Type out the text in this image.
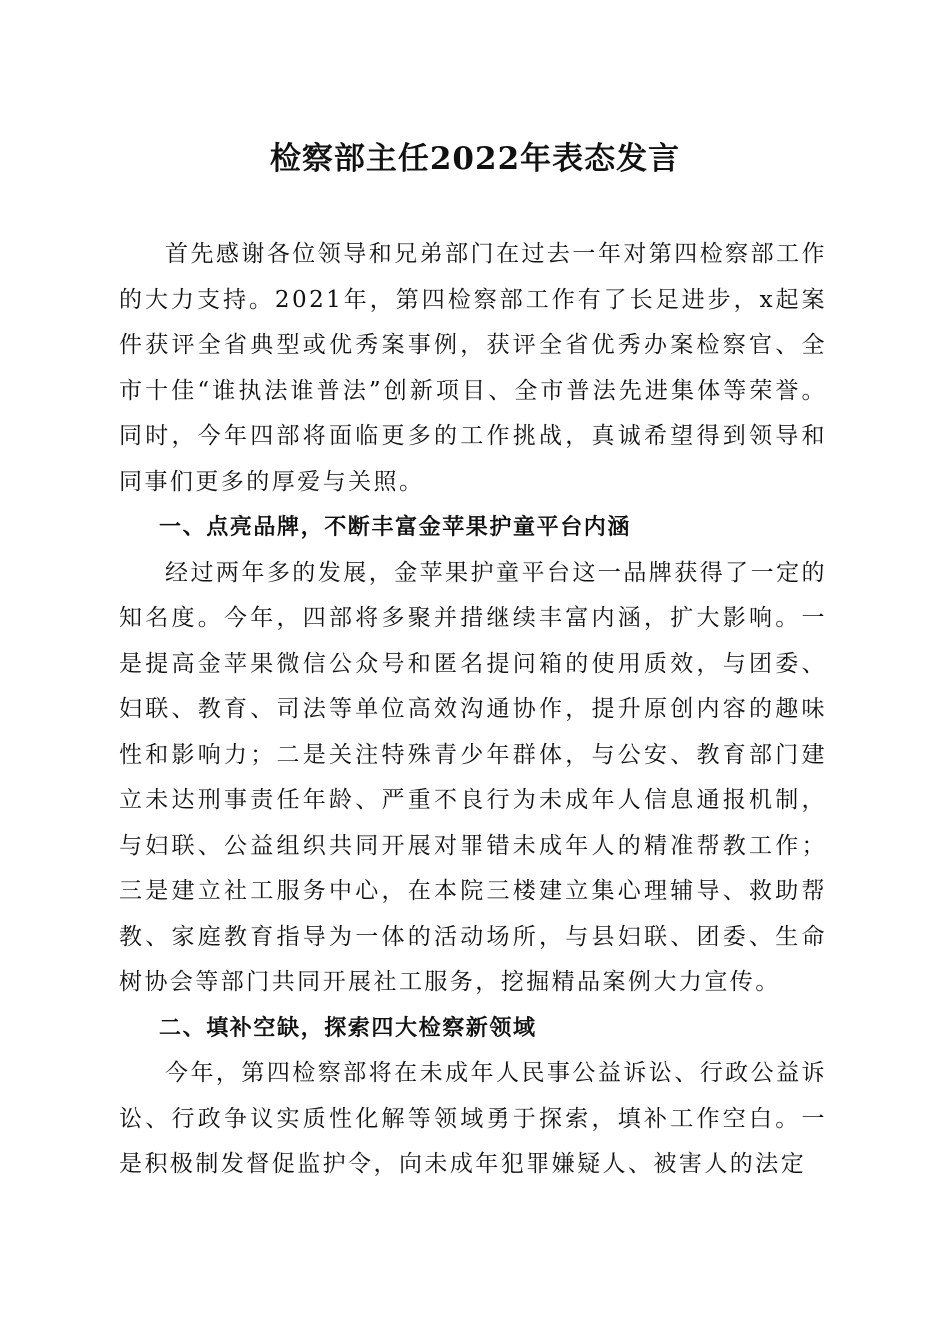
检察部主任2022年表态发言

首先感谢各位领导和兄弟部门在过去一年对第四检察部工作的大力支持。2021年，第四检察部工作有了长足进步，x起案件获评全省典型或优秀案事例，获评全省优秀办案检察官、全市十佳“谁执法谁普法”创新项目、全市普法先进集体等荣誉。同时，今年四部将面临更多的工作挑战，真诚希望得到领导和同事们更多的厚爱与关照。

一、点亮品牌，不断丰富金苹果护童平台内涵

经过两年多的发展，金苹果护童平台这一品牌获得了一定的知名度。今年，四部将多聚并措继续丰富内涵，扩大影响。一是提高金苹果微信公众号和匿名提问箱的使用质效，与团委、妇联、教育、司法等单位高效沟通协作，提升原创内容的趣味性和影响力；二是关注特殊青少年群体，与公安、教育部门建立未达刑事责任年龄、严重不良行为未成年人信息通报机制，与妇联、公益组织共同开展对罪错未成年人的精准帮教工作；三是建立社工服务中心，在本院三楼建立集心理辅导、救助帮教、家庭教育指导为一体的活动场所，与县妇联、团委、生命树协会等部门共同开展社工服务，挖掘精品案例大力宣传。

二、填补空缺，探索四大检察新领域

今年，第四检察部将在未成年人民事公益诉讼、行政公益诉讼、行政争议实质性化解等领域勇于探索，填补工作空白。一是积极制发督促监护令，向未成年犯罪嫌疑人、被害人的法定
